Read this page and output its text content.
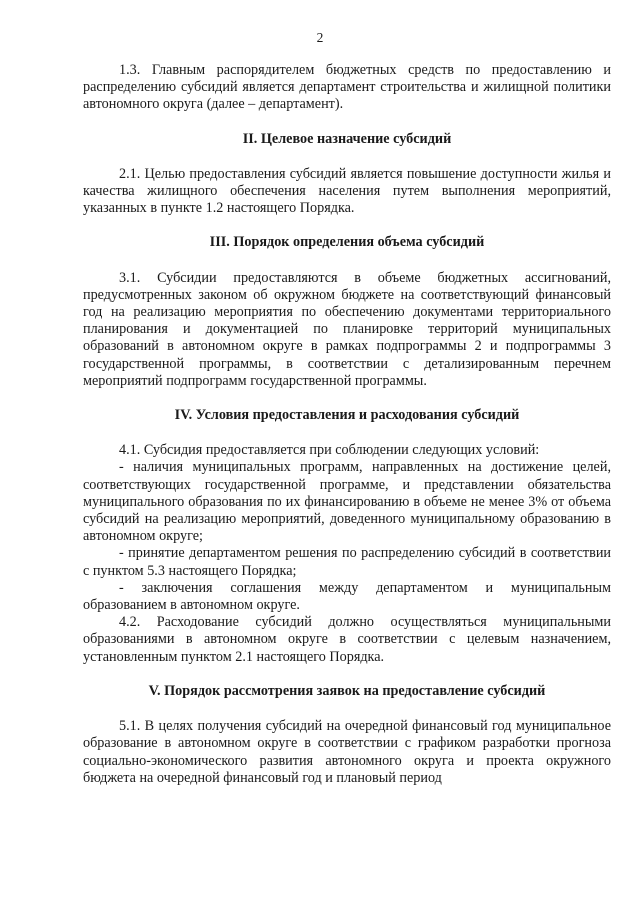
2

1.3. Главным распорядителем бюджетных средств по предоставлению и распределению субсидий является департамент строительства и жилищной политики автономного округа (далее – департамент).

II. Целевое назначение субсидий

2.1. Целью предоставления субсидий является повышение доступности жилья и качества жилищного обеспечения населения путем выполнения мероприятий, указанных в пункте 1.2 настоящего Порядка.

III. Порядок определения объема субсидий

3.1. Субсидии предоставляются в объеме бюджетных ассигнований, предусмотренных законом об окружном бюджете на соответствующий финансовый год на реализацию мероприятия по обеспечению документами территориального планирования и документацией по планировке территорий муниципальных образований в автономном округе в рамках подпрограммы 2 и подпрограммы 3 государственной программы, в соответствии с детализированным перечнем мероприятий подпрограмм государственной программы.

IV. Условия предоставления и расходования субсидий

4.1. Субсидия предоставляется при соблюдении следующих условий:

- наличия муниципальных программ, направленных на достижение целей, соответствующих государственной программе, и представлении обязательства муниципального образования по их финансированию в объеме не менее 3% от объема субсидий на реализацию мероприятий, доведенного муниципальному образованию в автономном округе;

- принятие департаментом решения по распределению субсидий в соответствии с пунктом 5.3 настоящего Порядка;

- заключения соглашения между департаментом и муниципальным образованием в автономном округе.

4.2. Расходование субсидий должно осуществляться муниципальными образованиями в автономном округе в соответствии с целевым назначением, установленным пунктом 2.1 настоящего Порядка.

V. Порядок рассмотрения заявок на предоставление субсидий

5.1. В целях получения субсидий на очередной финансовый год муниципальное образование в автономном округе в соответствии с графиком разработки прогноза социально-экономического развития автономного округа и проекта окружного бюджета на очередной финансовый год и плановый период
